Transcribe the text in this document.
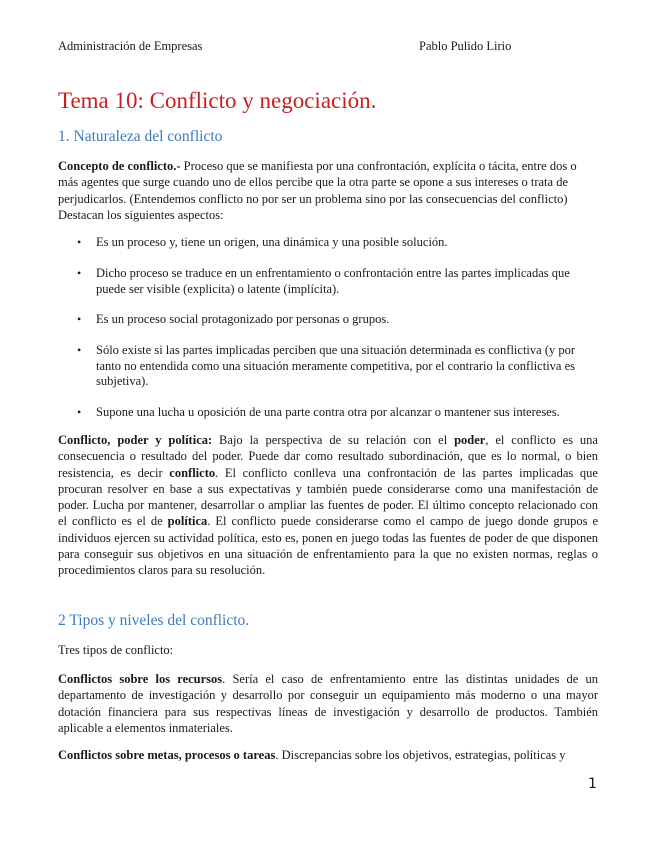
Administración de Empresas	Pablo Pulido Lirio
Tema 10: Conflicto y negociación.
1. Naturaleza del conflicto

Concepto de conflicto.- Proceso que se manifiesta por una confrontación, explícita o tácita, entre dos o más agentes que surge cuando uno de ellos percibe que la otra parte se opone a sus intereses o trata de perjudicarlos. (Entendemos conflicto no por ser un problema sino por las consecuencias del conflicto) Destacan los siguientes aspectos:

• Es un proceso y, tiene un origen, una dinámica y una posible solución.
• Dicho proceso se traduce en un enfrentamiento o confrontación entre las partes implicadas que puede ser visible (explicita) o latente (implícita).
• Es un proceso social protagonizado por personas o grupos.
• Sólo existe si las partes implicadas perciben que una situación determinada es conflictiva (y por tanto no entendida como una situación meramente competitiva, por el contrario la conflictiva es subjetiva).
• Supone una lucha u oposición de una parte contra otra por alcanzar o mantener sus intereses.

Conflicto, poder y política: Bajo la perspectiva de su relación con el poder, el conflicto es una consecuencia o resultado del poder. Puede dar como resultado subordinación, que es lo normal, o bien resistencia, es decir conflicto. El conflicto conlleva una confrontación de las partes implicadas que procuran resolver en base a sus expectativas y también puede considerarse como una manifestación de poder. Lucha por mantener, desarrollar o ampliar las fuentes de poder. El último concepto relacionado con el conflicto es el de política. El conflicto puede considerarse como el campo de juego donde grupos e individuos ejercen su actividad política, esto es, ponen en juego todas las fuentes de poder de que disponen para conseguir sus objetivos en una situación de enfrentamiento para la que no existen normas, reglas o procedimientos claros para su resolución.

2 Tipos y niveles del conflicto.

Tres tipos de conflicto:

Conflictos sobre los recursos. Sería el caso de enfrentamiento entre las distintas unidades de un departamento de investigación y desarrollo por conseguir un equipamiento más moderno o una mayor dotación financiera para sus respectivas líneas de investigación y desarrollo de productos. También aplicable a elementos inmateriales.

Conflictos sobre metas, procesos o tareas. Discrepancias sobre los objetivos, estrategias, políticas y

1
